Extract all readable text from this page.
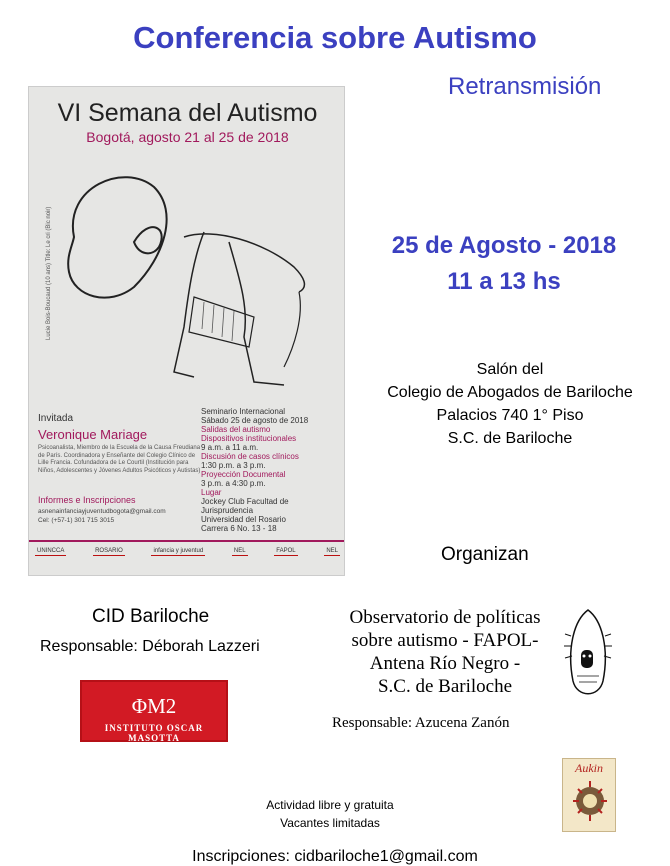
Conferencia sobre Autismo
Retransmisión
VI Semana del Autismo
Bogotá, agosto 21 al 25 de 2018
Lucie Bois-Boucaud (10 ans) Title: Le cri (Bic noir)
Invitada
Veronique Mariage
Psicoanalista, Miembro de la Escuela de la Causa Freudiana de París. Coordinadora y Enseñante del Colegio Clínico de Lille Francia. Cofundadora de Le Courtil (Institución para Niños, Adolescentes y Jóvenes Adultos Psicóticos y Autistas)
Informes e Inscripciones
asnenainfanciayjuventudbogota@gmail.com
Cel: (+57-1) 301 715 3015
Seminario Internacional
Sábado 25 de agosto de 2018
Salidas del autismo
Dispositivos institucionales
9 a.m. a 11 a.m.
Discusión de casos clínicos
1:30 p.m. a 3 p.m.
Proyección Documental
3 p.m. a 4:30 p.m.
Lugar
Jockey Club Facultad de Jurisprudencia
Universidad del Rosario
Carrera 6 No. 13 - 18
UNINCCA	ROSARIO	infancia y juventud	NEL	FAPOL	NEL
25 de Agosto - 2018
11 a 13 hs
Salón del
Colegio de Abogados de Bariloche
Palacios 740 1° Piso
S.C. de Bariloche
Organizan
CID Bariloche
Responsable: Déborah Lazzeri
ΦM2
INSTITUTO OSCAR MASOTTA
Observatorio de políticas
sobre autismo - FAPOL-
Antena Río Negro -
S.C. de Bariloche
Responsable: Azucena Zanón
Aukin
Actividad libre y gratuita
Vacantes limitadas
Inscripciones: cidbariloche1@gmail.com
